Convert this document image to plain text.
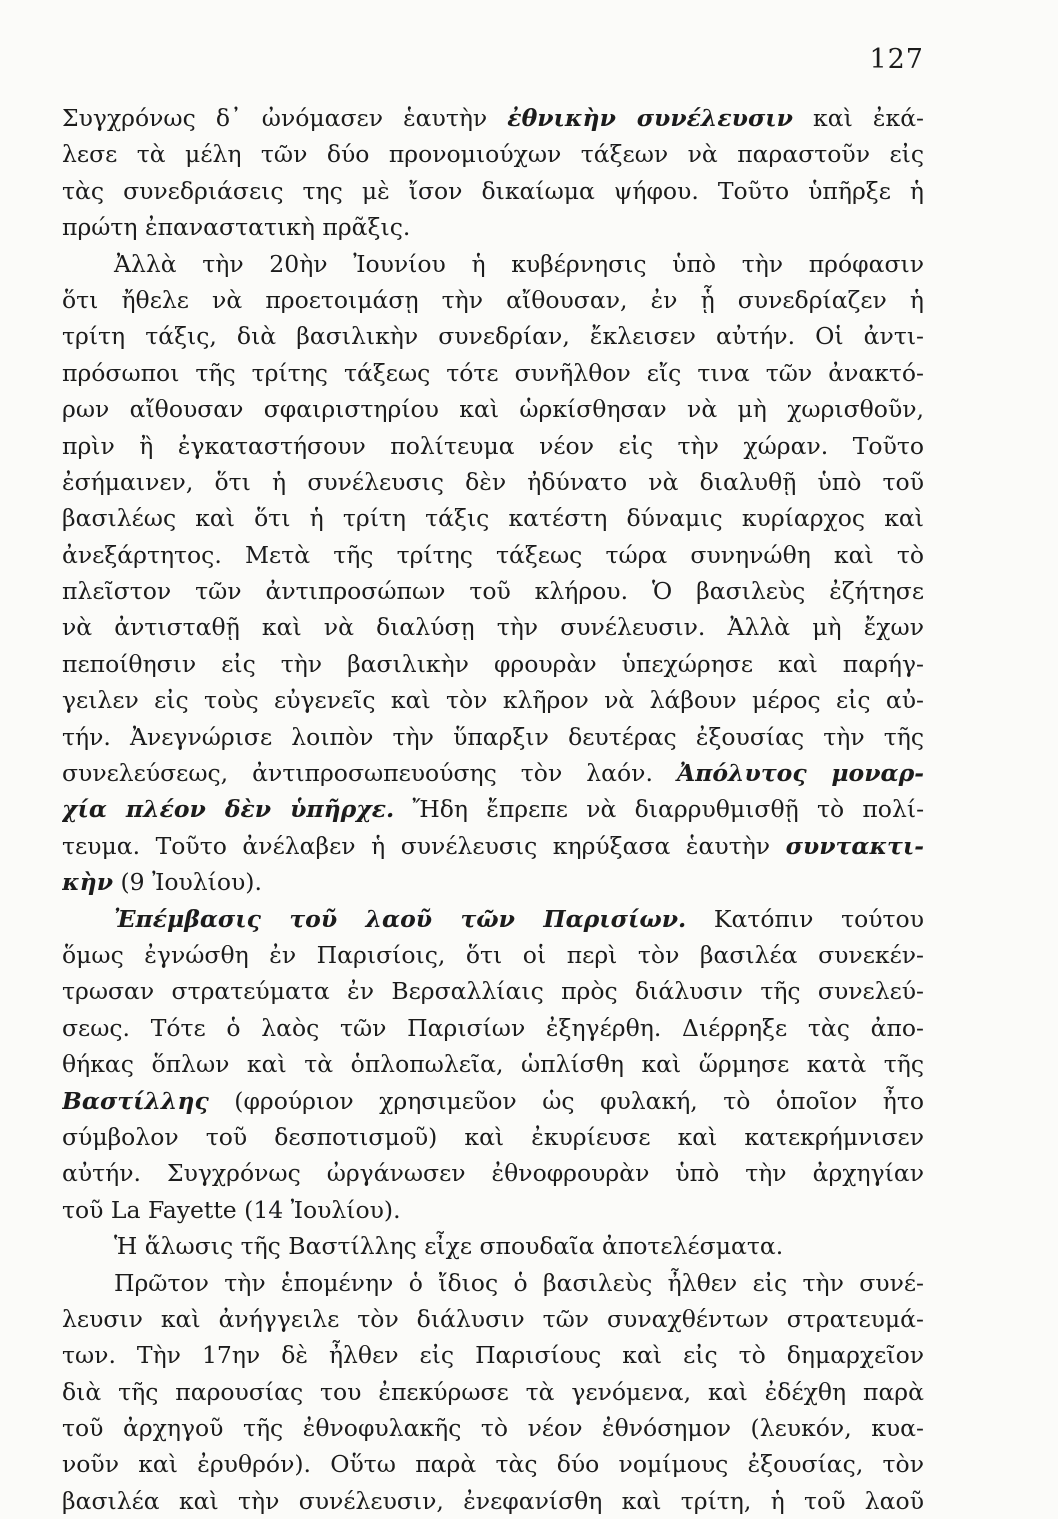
127
Συγχρόνως δ᾽ ὠνόμασεν ἑαυτὴν ἐθνικὴν συνέλευσιν καὶ ἐκά-
λεσε τὰ μέλη τῶν δύο προνομιούχων τάξεων νὰ παραστοῦν εἰς
τὰς συνεδριάσεις της μὲ ἴσον δικαίωμα ψήφου. Τοῦτο ὑπῆρξε ἡ
πρώτη ἐπαναστατικὴ πρᾶξις.
Ἀλλὰ τὴν 20ὴν Ἰουνίου ἡ κυβέρνησις ὑπὸ τὴν πρόφασιν
ὅτι ἤθελε νὰ προετοιμάσῃ τὴν αἴθουσαν, ἐν ᾗ συνεδρίαζεν ἡ
τρίτη τάξις, διὰ βασιλικὴν συνεδρίαν, ἔκλεισεν αὐτήν. Οἱ ἀντι-
πρόσωποι τῆς τρίτης τάξεως τότε συνῆλθον εἴς τινα τῶν ἀνακτό-
ρων αἴθουσαν σφαιριστηρίου καὶ ὡρκίσθησαν νὰ μὴ χωρισθοῦν,
πρὶν ἢ ἐγκαταστήσουν πολίτευμα νέον εἰς τὴν χώραν. Τοῦτο
ἐσήμαινεν, ὅτι ἡ συνέλευσις δὲν ἠδύνατο νὰ διαλυθῇ ὑπὸ τοῦ
βασιλέως καὶ ὅτι ἡ τρίτη τάξις κατέστη δύναμις κυρίαρχος καὶ
ἀνεξάρτητος. Μετὰ τῆς τρίτης τάξεως τώρα συνηνώθη καὶ τὸ
πλεῖστον τῶν ἀντιπροσώπων τοῦ κλήρου. Ὁ βασιλεὺς ἐζήτησε
νὰ ἀντισταθῇ καὶ νὰ διαλύσῃ τὴν συνέλευσιν. Ἀλλὰ μὴ ἔχων
πεποίθησιν εἰς τὴν βασιλικὴν φρουρὰν ὑπεχώρησε καὶ παρήγ-
γειλεν εἰς τοὺς εὐγενεῖς καὶ τὸν κλῆρον νὰ λάβουν μέρος εἰς αὐ-
τήν. Ἀνεγνώρισε λοιπὸν τὴν ὕπαρξιν δευτέρας ἐξουσίας τὴν τῆς
συνελεύσεως, ἀντιπροσωπευούσης τὸν λαόν. Ἀπόλυτος μοναρ-
χία πλέον δὲν ὑπῆρχε. Ἤδη ἔπρεπε νὰ διαρρυθμισθῇ τὸ πολί-
τευμα. Τοῦτο ἀνέλαβεν ἡ συνέλευσις κηρύξασα ἑαυτὴν συντακτι-
κὴν (9 Ἰουλίου).
Ἐπέμβασις τοῦ λαοῦ τῶν Παρισίων. Κατόπιν τούτου
ὅμως ἐγνώσθη ἐν Παρισίοις, ὅτι οἱ περὶ τὸν βασιλέα συνεκέν-
τρωσαν στρατεύματα ἐν Βερσαλλίαις πρὸς διάλυσιν τῆς συνελεύ-
σεως. Τότε ὁ λαὸς τῶν Παρισίων ἐξηγέρθη. Διέρρηξε τὰς ἀπο-
θήκας ὅπλων καὶ τὰ ὁπλοπωλεῖα, ὡπλίσθη καὶ ὥρμησε κατὰ τῆς
Βαστίλλης (φρούριον χρησιμεῦον ὡς φυλακή, τὸ ὁποῖον ἦτο
σύμβολον τοῦ δεσποτισμοῦ) καὶ ἐκυρίευσε καὶ κατεκρήμνισεν
αὐτήν. Συγχρόνως ὠργάνωσεν ἐθνοφρουρὰν ὑπὸ τὴν ἀρχηγίαν
τοῦ La Fayette (14 Ἰουλίου).
Ἡ ἅλωσις τῆς Βαστίλλης εἶχε σπουδαῖα ἀποτελέσματα.
Πρῶτον τὴν ἑπομένην ὁ ἴδιος ὁ βασιλεὺς ἦλθεν εἰς τὴν συνέ-
λευσιν καὶ ἀνήγγειλε τὸν διάλυσιν τῶν συναχθέντων στρατευμά-
των. Τὴν 17ην δὲ ἦλθεν εἰς Παρισίους καὶ εἰς τὸ δημαρχεῖον
διὰ τῆς παρουσίας του ἐπεκύρωσε τὰ γενόμενα, καὶ ἐδέχθη παρὰ
τοῦ ἀρχηγοῦ τῆς ἐθνοφυλακῆς τὸ νέον ἐθνόσημον (λευκόν, κυα-
νοῦν καὶ ἐρυθρόν). Οὕτω παρὰ τὰς δύο νομίμους ἐξουσίας, τὸν
βασιλέα καὶ τὴν συνέλευσιν, ἐνεφανίσθη καὶ τρίτη, ἡ τοῦ λαοῦ
